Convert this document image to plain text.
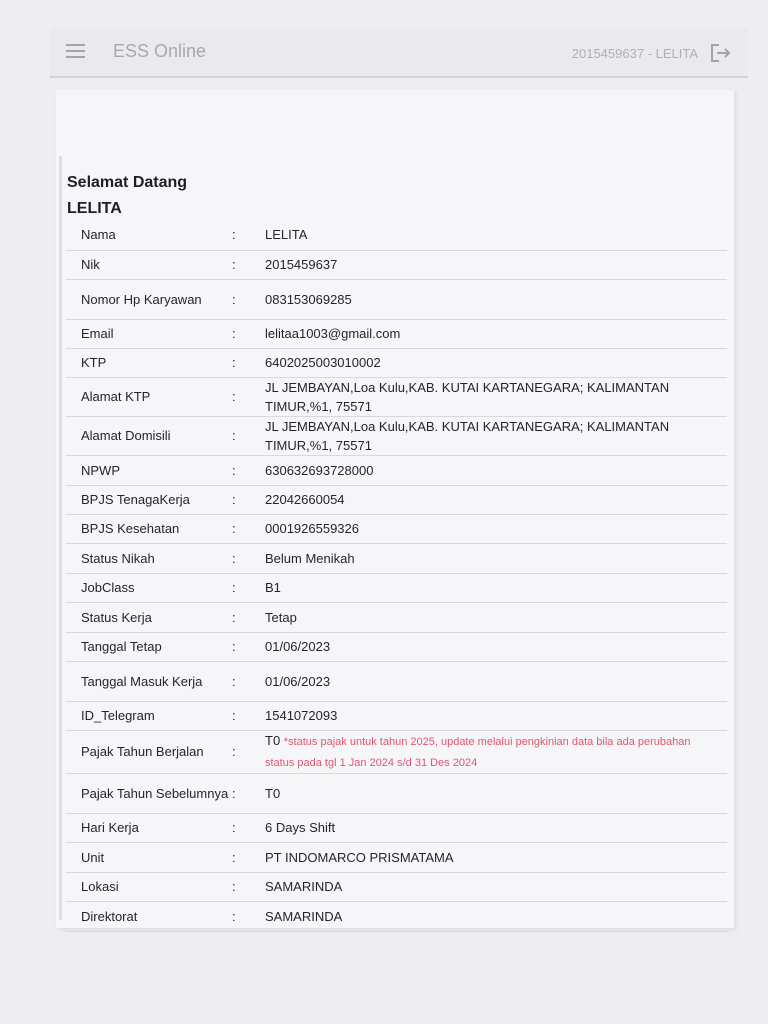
ESS Online	2015459637 - LELITA
Selamat Datang
LELITA
Nama	:	LELITA
Nik	:	2015459637
Nomor Hp Karyawan	:	083153069285
Email	:	lelitaa1003@gmail.com
KTP	:	6402025003010002
Alamat KTP	:	JL JEMBAYAN,Loa Kulu,KAB. KUTAI KARTANEGARA; KALIMANTAN TIMUR,%1, 75571
Alamat Domisili	:	JL JEMBAYAN,Loa Kulu,KAB. KUTAI KARTANEGARA; KALIMANTAN TIMUR,%1, 75571
NPWP	:	630632693728000
BPJS TenagaKerja	:	22042660054
BPJS Kesehatan	:	0001926559326
Status Nikah	:	Belum Menikah
JobClass	:	B1
Status Kerja	:	Tetap
Tanggal Tetap	:	01/06/2023
Tanggal Masuk Kerja	:	01/06/2023
ID_Telegram	:	1541072093
Pajak Tahun Berjalan	:	T0 *status pajak untuk tahun 2025, update melalui pengkinian data bila ada perubahan status pada tgl 1 Jan 2024 s/d 31 Des 2024
Pajak Tahun Sebelumnya	:	T0
Hari Kerja	:	6 Days Shift
Unit	:	PT INDOMARCO PRISMATAMA
Lokasi	:	SAMARINDA
Direktorat	:	SAMARINDA
